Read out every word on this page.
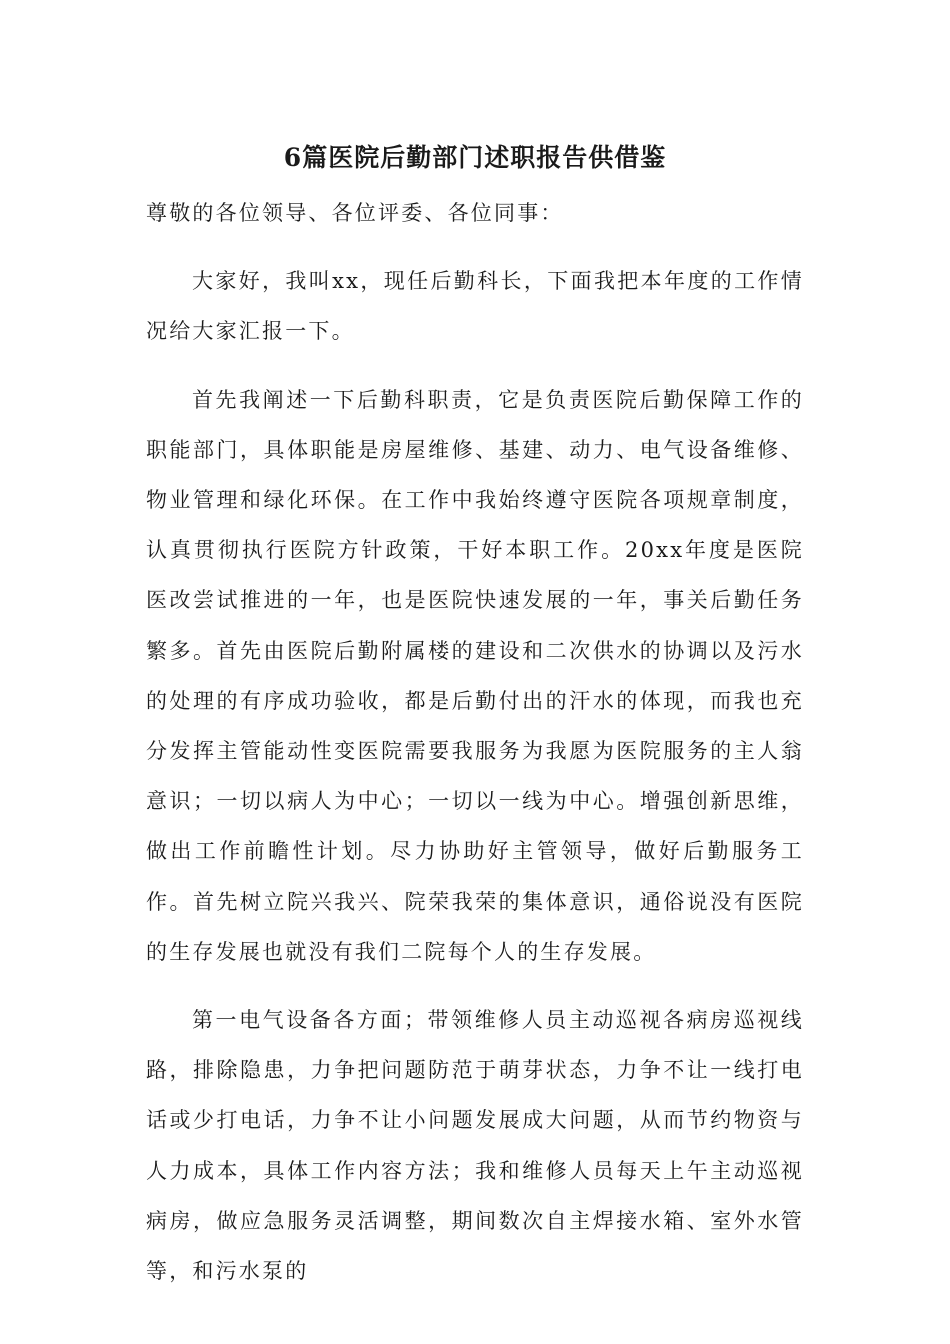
6篇医院后勤部门述职报告供借鉴

尊敬的各位领导、各位评委、各位同事：

大家好，我叫xx，现任后勤科长，下面我把本年度的工作情况给大家汇报一下。

首先我阐述一下后勤科职责，它是负责医院后勤保障工作的职能部门，具体职能是房屋维修、基建、动力、电气设备维修、物业管理和绿化环保。在工作中我始终遵守医院各项规章制度，认真贯彻执行医院方针政策，干好本职工作。20xx年度是医院医改尝试推进的一年，也是医院快速发展的一年，事关后勤任务繁多。首先由医院后勤附属楼的建设和二次供水的协调以及污水的处理的有序成功验收，都是后勤付出的汗水的体现，而我也充分发挥主管能动性变医院需要我服务为我愿为医院服务的主人翁意识；一切以病人为中心；一切以一线为中心。增强创新思维，做出工作前瞻性计划。尽力协助好主管领导，做好后勤服务工作。首先树立院兴我兴、院荣我荣的集体意识，通俗说没有医院的生存发展也就没有我们二院每个人的生存发展。

第一电气设备各方面；带领维修人员主动巡视各病房巡视线路，排除隐患，力争把问题防范于萌芽状态，力争不让一线打电话或少打电话，力争不让小问题发展成大问题，从而节约物资与人力成本，具体工作内容方法；我和维修人员每天上午主动巡视病房，做应急服务灵活调整，期间数次自主焊接水箱、室外水管等，和污水泵的
